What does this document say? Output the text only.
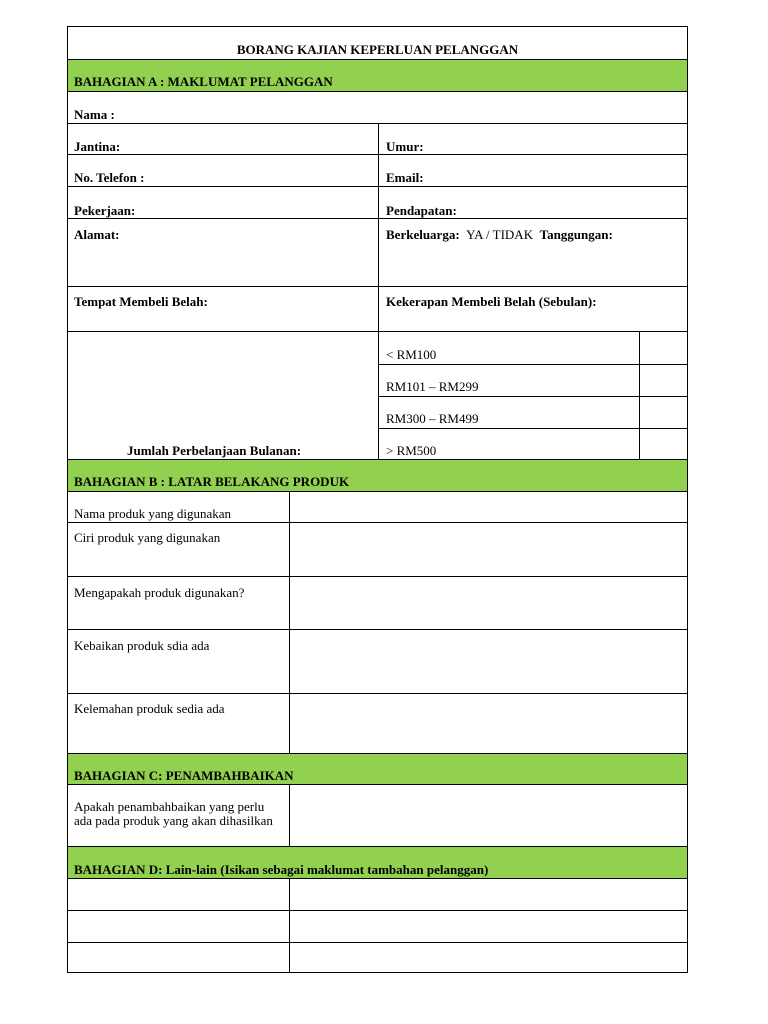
BORANG KAJIAN KEPERLUAN PELANGGAN
BAHAGIAN A : MAKLUMAT PELANGGAN
Nama :
Jantina:	Umur:
No. Telefon :	Email:
Pekerjaan:	Pendapatan:
Alamat:	Berkeluarga: YA / TIDAK Tanggungan:
Tempat Membeli Belah:	Kekerapan Membeli Belah (Sebulan):
Jumlah Perbelanjaan Bulanan:
< RM100
RM101 – RM299
RM300 – RM499
> RM500
BAHAGIAN B : LATAR BELAKANG PRODUK
Nama produk yang digunakan
Ciri produk yang digunakan
Mengapakah produk digunakan?
Kebaikan produk sdia ada
Kelemahan produk sedia ada
BAHAGIAN C: PENAMBAHBAIKAN
Apakah penambahbaikan yang perlu ada pada produk yang akan dihasilkan
BAHAGIAN D: Lain-lain (Isikan sebagai maklumat tambahan pelanggan)
